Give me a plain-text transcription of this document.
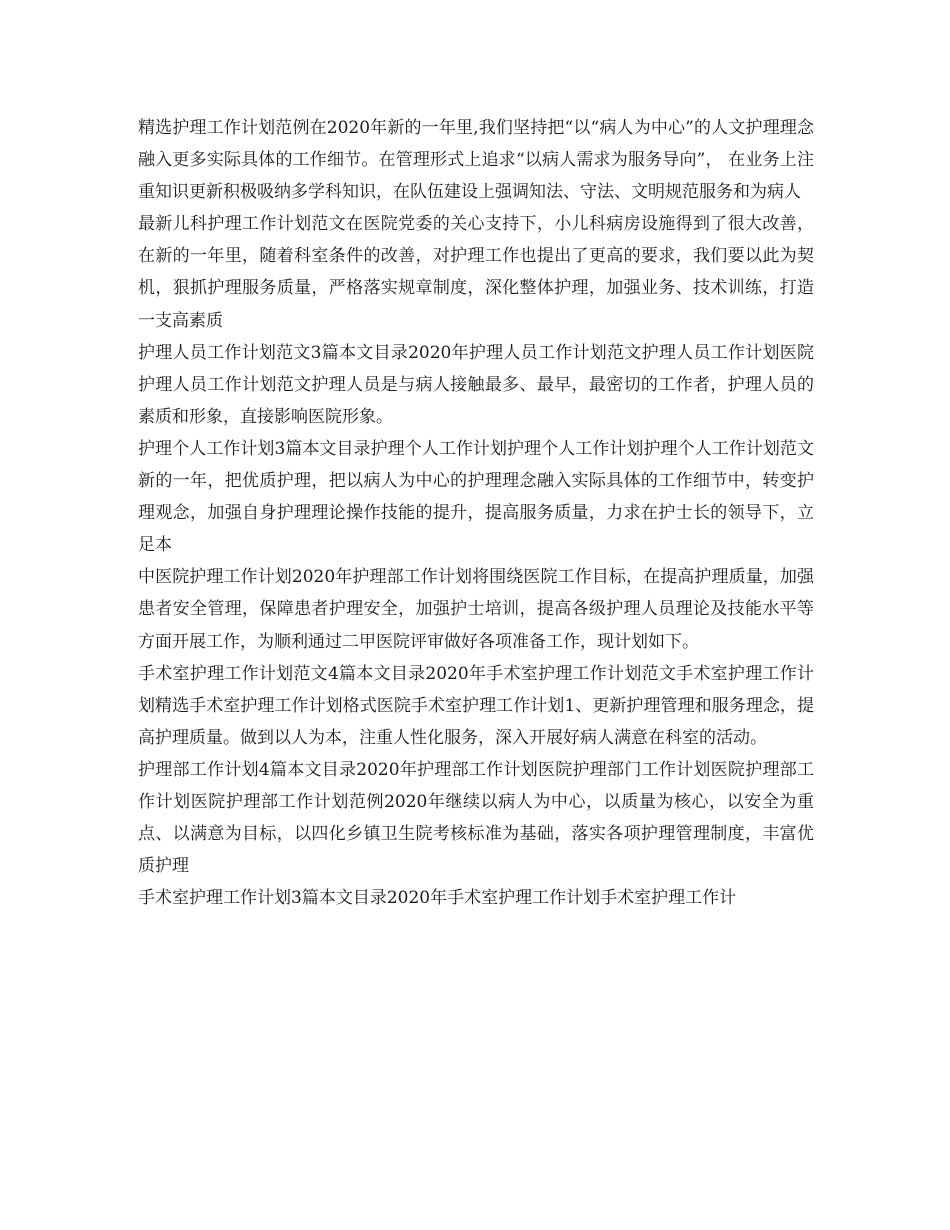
精选护理工作计划范例在2020年新的一年里,我们坚持把“以“病人为中心”的人文护理理念融入更多实际具体的工作细节。在管理形式上追求“以病人需求为服务导向”， 在业务上注重知识更新积极吸纳多学科知识，在队伍建设上强调知法、守法、文明规范服务和为病人

最新儿科护理工作计划范文在医院党委的关心支持下，小儿科病房设施得到了很大改善，在新的一年里，随着科室条件的改善，对护理工作也提出了更高的要求，我们要以此为契机，狠抓护理服务质量，严格落实规章制度，深化整体护理，加强业务、技术训练，打造一支高素质

护理人员工作计划范文3篇本文目录2020年护理人员工作计划范文护理人员工作计划医院护理人员工作计划范文护理人员是与病人接触最多、最早，最密切的工作者，护理人员的素质和形象，直接影响医院形象。

护理个人工作计划3篇本文目录护理个人工作计划护理个人工作计划护理个人工作计划范文新的一年，把优质护理，把以病人为中心的护理理念融入实际具体的工作细节中，转变护理观念，加强自身护理理论操作技能的提升，提高服务质量，力求在护士长的领导下，立足本

中医院护理工作计划2020年护理部工作计划将围绕医院工作目标，在提高护理质量，加强患者安全管理，保障患者护理安全，加强护士培训，提高各级护理人员理论及技能水平等方面开展工作，为顺利通过二甲医院评审做好各项准备工作，现计划如下。

手术室护理工作计划范文4篇本文目录2020年手术室护理工作计划范文手术室护理工作计划精选手术室护理工作计划格式医院手术室护理工作计划1、更新护理管理和服务理念，提高护理质量。做到以人为本，注重人性化服务，深入开展好病人满意在科室的活动。

护理部工作计划4篇本文目录2020年护理部工作计划医院护理部门工作计划医院护理部工作计划医院护理部工作计划范例2020年继续以病人为中心，以质量为核心，以安全为重点、以满意为目标，以四化乡镇卫生院考核标准为基础，落实各项护理管理制度，丰富优质护理

手术室护理工作计划3篇本文目录2020年手术室护理工作计划手术室护理工作计
